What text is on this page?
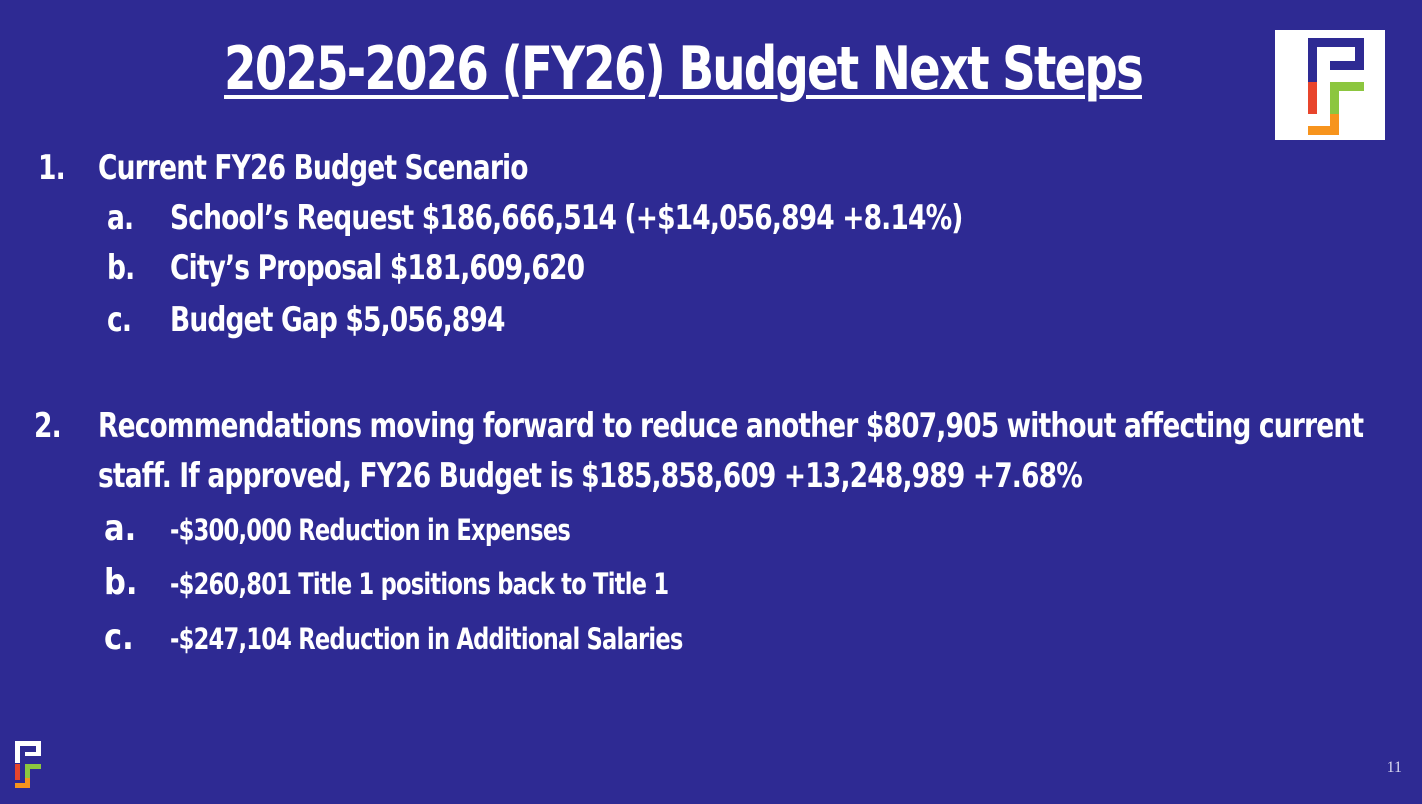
2025-2026 (FY26) Budget Next Steps
1. Current FY26 Budget Scenario
a. School’s Request $186,666,514 (+$14,056,894 +8.14%)
b. City’s Proposal $181,609,620
c. Budget Gap $5,056,894
2. Recommendations moving forward to reduce another $807,905 without affecting current
staff. If approved, FY26 Budget is $185,858,609 +13,248,989 +7.68%
a. -$300,000 Reduction in Expenses
b. -$260,801 Title 1 positions back to Title 1
c. -$247,104 Reduction in Additional Salaries
11
